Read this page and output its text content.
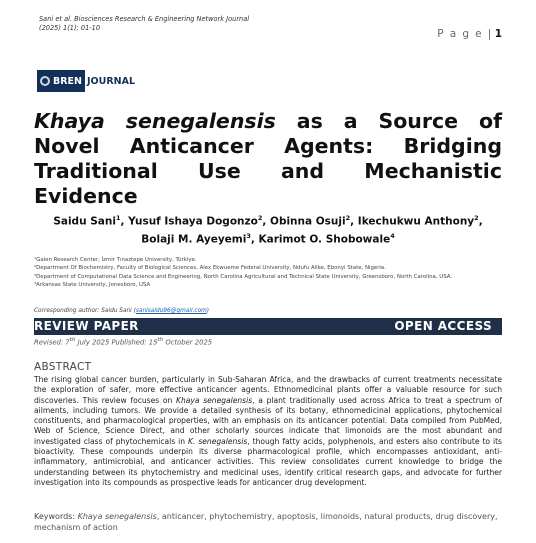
Sani et al. Biosciences Research & Engineering Network Journal
(2025) 1(1); 01-10	P a g e | 1
BREN JOURNAL
Khaya senegalensis as a Source of Novel Anticancer Agents: Bridging Traditional Use and Mechanistic Evidence
Saidu Sani$^1$, Yusuf Ishaya Dogonzo$^2$, Obinna Osuji$^2$, Ikechukwu Anthony$^2$, Bolaji M. Ayeyemi$^3$, Karimot O. Shobowale$^4$
¹Galen Research Center, İzmir Tınaztepe University, Türkiye.
²Department Of Biochemistry, Faculty of Biological Sciences, Alex Ekwueme Federal University, Ndufu Alike, Ebonyi State, Nigeria.
³Department of Computational Data Science and Engineering, North Carolina Agricultural and Technical State University, Greensboro, North Carolina, USA.
⁴Arkansas State University, Jonesboro, USA
Corresponding author: Saidu Sani (sanisaidu96@gmail.com)
REVIEW PAPER	OPEN ACCESS
Revised: 7th July 2025 Published: 15th October 2025
ABSTRACT
The rising global cancer burden, particularly in Sub-Saharan Africa, and the drawbacks of current treatments necessitate the exploration of safer, more effective anticancer agents. Ethnomedicinal plants offer a valuable resource for such discoveries. This review focuses on Khaya senegalensis, a plant traditionally used across Africa to treat a spectrum of ailments, including tumors. We provide a detailed synthesis of its botany, ethnomedicinal applications, phytochemical constituents, and pharmacological properties, with an emphasis on its anticancer potential. Data compiled from PubMed, Web of Science, Science Direct, and other scholarly sources indicate that limonoids are the most abundant and investigated class of phytochemicals in K. senegalensis, though fatty acids, polyphenols, and esters also contribute to its bioactivity. These compounds underpin its diverse pharmacological profile, which encompasses antioxidant, anti-inflammatory, antimicrobial, and anticancer activities. This review consolidates current knowledge to bridge the understanding between its phytochemistry and medicinal uses, identify critical research gaps, and advocate for further investigation into its compounds as prospective leads for anticancer drug development.
Keywords: Khaya senegalensis, anticancer, phytochemistry, apoptosis, limonoids, natural products, drug discovery, mechanism of action
